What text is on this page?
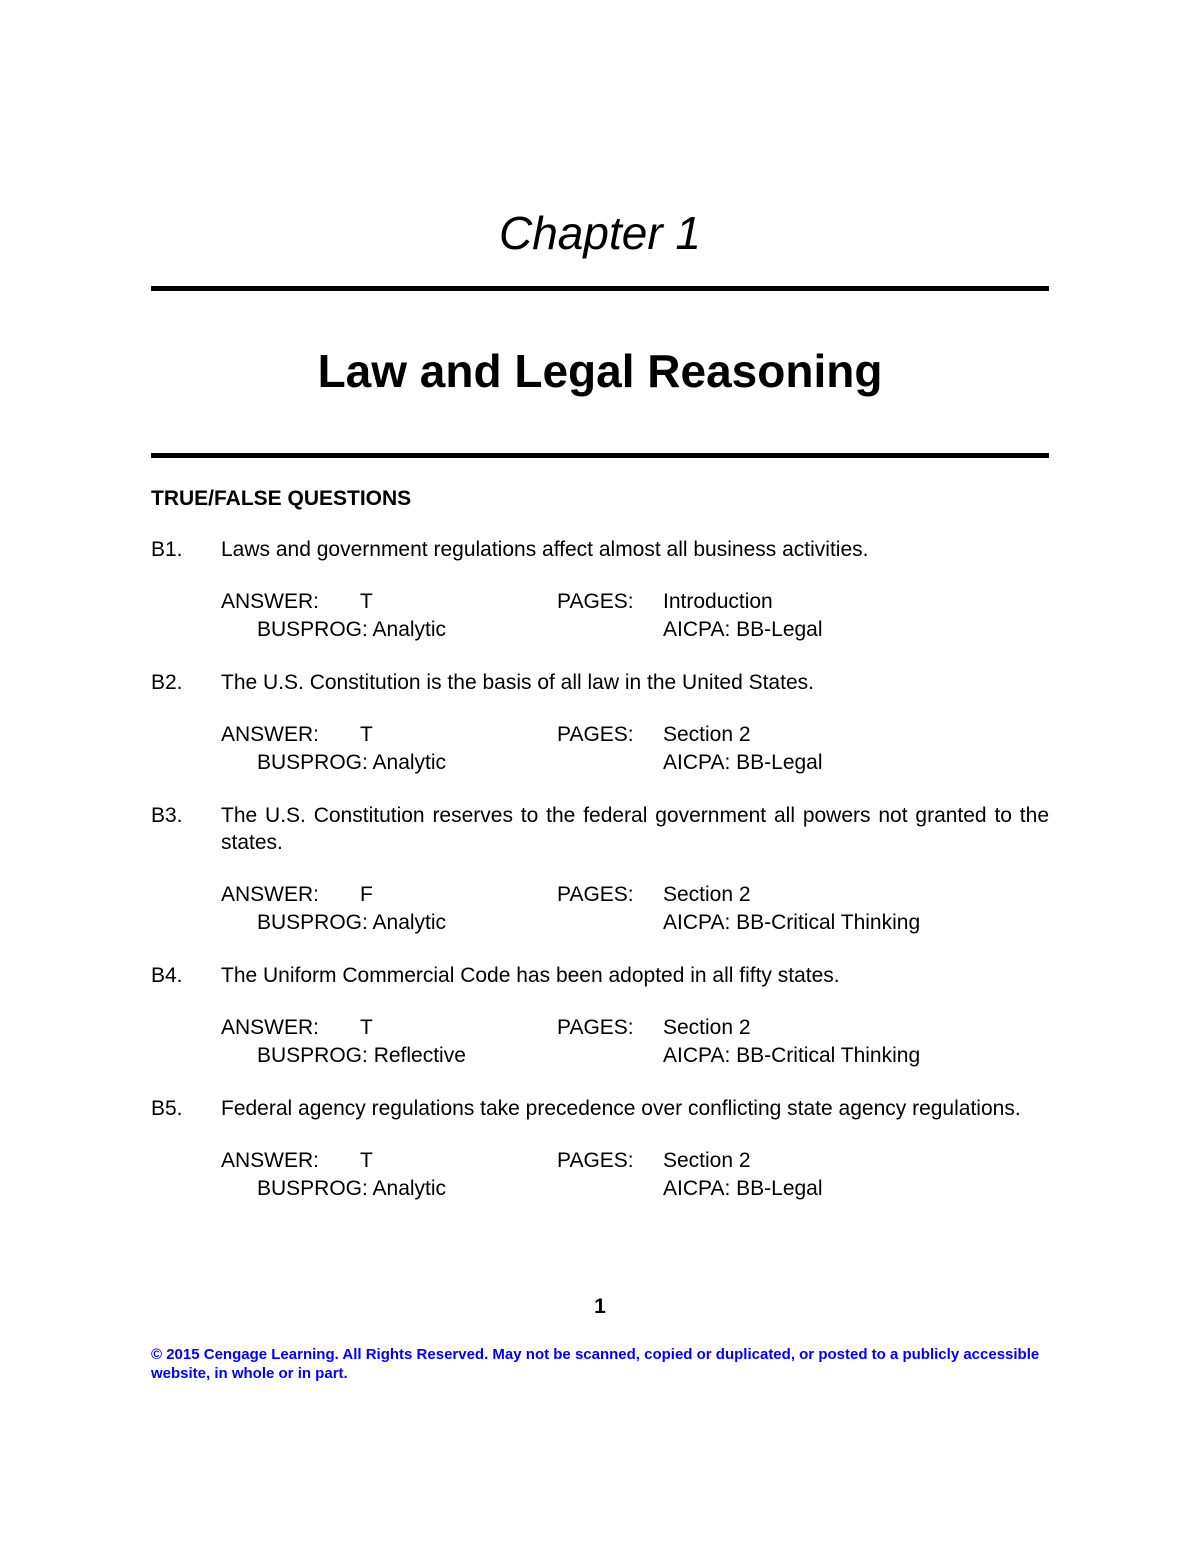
Chapter 1
Law and Legal Reasoning
TRUE/FALSE QUESTIONS
B1.	Laws and government regulations affect almost all business activities.
ANSWER: T	PAGES: Introduction
BUSPROG: Analytic	AICPA: BB-Legal
B2.	The U.S. Constitution is the basis of all law in the United States.
ANSWER: T	PAGES: Section 2
BUSPROG: Analytic	AICPA: BB-Legal
B3.	The U.S. Constitution reserves to the federal government all powers not granted to the states.
ANSWER: F	PAGES: Section 2
BUSPROG: Analytic	AICPA: BB-Critical Thinking
B4.	The Uniform Commercial Code has been adopted in all fifty states.
ANSWER: T	PAGES: Section 2
BUSPROG: Reflective	AICPA: BB-Critical Thinking
B5.	Federal agency regulations take precedence over conflicting state agency regulations.
ANSWER: T	PAGES: Section 2
BUSPROG: Analytic	AICPA: BB-Legal
1
© 2015 Cengage Learning. All Rights Reserved. May not be scanned, copied or duplicated, or posted to a publicly accessible website, in whole or in part.
